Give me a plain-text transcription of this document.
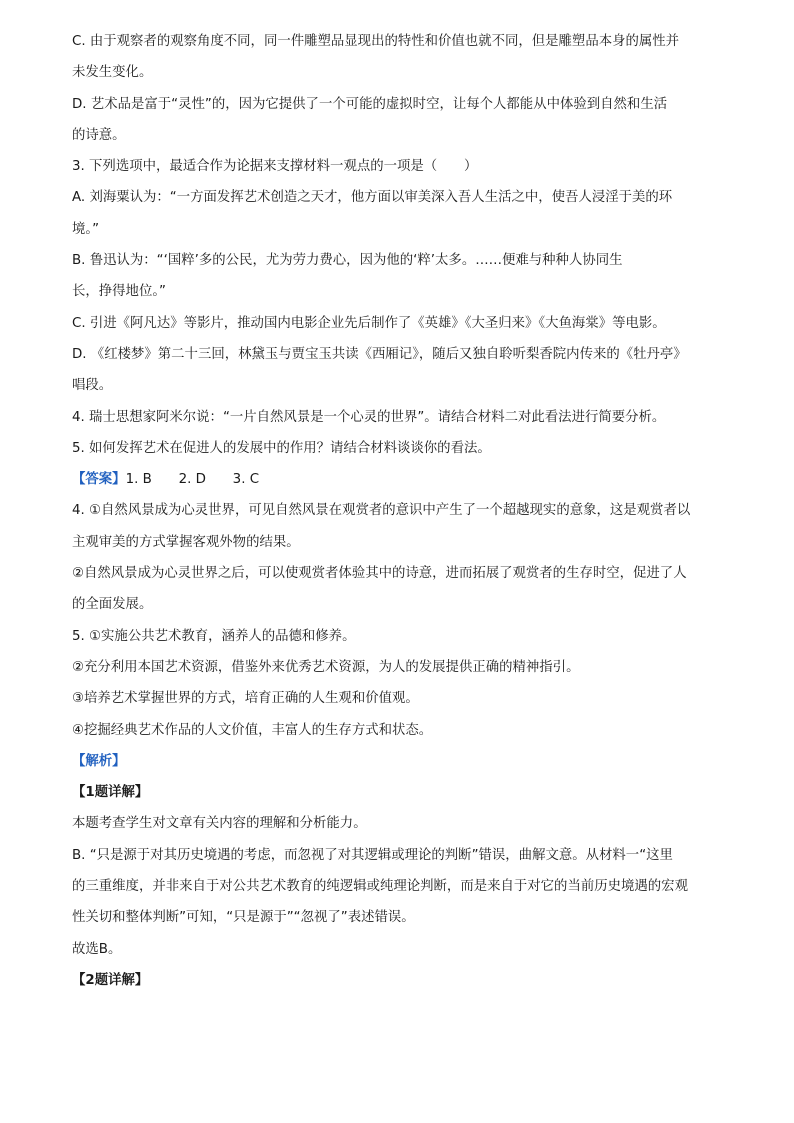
C. 由于观察者的观察角度不同，同一件雕塑品显现出的特性和价值也就不同，但是雕塑品本身的属性并
未发生变化。
D. 艺术品是富于“灵性”的，因为它提供了一个可能的虚拟时空，让每个人都能从中体验到自然和生活
的诗意。
3. 下列选项中，最适合作为论据来支撑材料一观点的一项是（　　）
A. 刘海粟认为：“一方面发挥艺术创造之天才，他方面以审美深入吾人生活之中，使吾人浸淫于美的环
境。”
B. 鲁迅认为：“‘国粹’多的公民，尤为劳力费心，因为他的‘粹’太多。……便难与种种人协同生
长，挣得地位。”
C. 引进《阿凡达》等影片，推动国内电影企业先后制作了《英雄》《大圣归来》《大鱼海棠》等电影。
D. 《红楼梦》第二十三回，林黛玉与贾宝玉共读《西厢记》，随后又独自聆听梨香院内传来的《牡丹亭》
唱段。
4. 瑞士思想家阿米尔说：“一片自然风景是一个心灵的世界”。请结合材料二对此看法进行简要分析。
5. 如何发挥艺术在促进人的发展中的作用？请结合材料谈谈你的看法。
【答案】1. B　　2. D　　3. C
4. ①自然风景成为心灵世界，可见自然风景在观赏者的意识中产生了一个超越现实的意象，这是观赏者以
主观审美的方式掌握客观外物的结果。
②自然风景成为心灵世界之后，可以使观赏者体验其中的诗意，进而拓展了观赏者的生存时空，促进了人
的全面发展。
5. ①实施公共艺术教育，涵养人的品德和修养。
②充分利用本国艺术资源，借鉴外来优秀艺术资源，为人的发展提供正确的精神指引。
③培养艺术掌握世界的方式，培育正确的人生观和价值观。
④挖掘经典艺术作品的人文价值，丰富人的生存方式和状态。
【解析】
【1题详解】
本题考查学生对文章有关内容的理解和分析能力。
B. “只是源于对其历史境遇的考虑，而忽视了对其逻辑或理论的判断”错误，曲解文意。从材料一“这里
的三重维度，并非来自于对公共艺术教育的纯逻辑或纯理论判断，而是来自于对它的当前历史境遇的宏观
性关切和整体判断”可知，“只是源于”“忽视了”表述错误。
故选B。
【2题详解】
